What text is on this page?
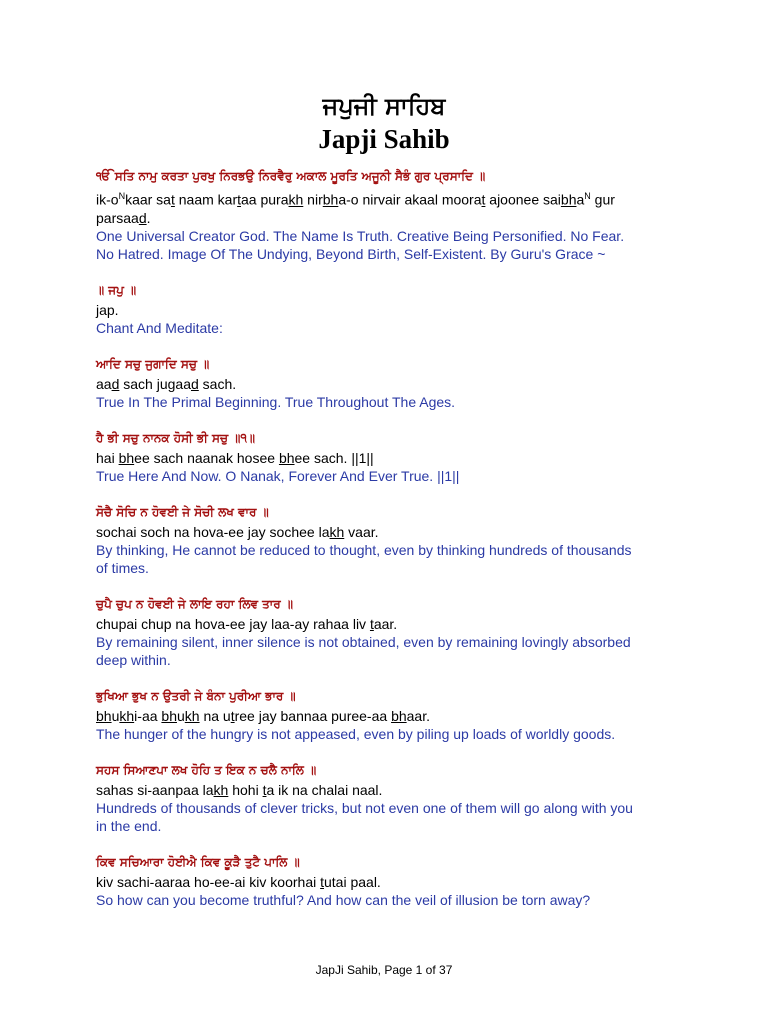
ਜਪੁਜੀ ਸਾਹਿਬ
Japji Sahib
ੴ ਸਤਿ ਨਾਮੁ ਕਰਤਾ ਪੁਰਖੁ ਨਿਰਭਉ ਨਿਰਵੈਰੁ ਅਕਾਲ ਮੂਰਤਿ ਅਜੂਨੀ ਸੈਭੰ ਗੁਰ ਪ੍ਰਸਾਦਿ ॥
$ik-o^Nkaar$ sat naam kartaa purakh nirbha-o nirvair akaal moorat ajoonee saibha$^N$ gur
parsaad.
One Universal Creator God. The Name Is Truth. Creative Being Personified. No Fear.
No Hatred. Image Of The Undying, Beyond Birth, Self-Existent. By Guru's Grace ~
॥ ਜਪੁ ॥
jap.
Chant And Meditate:
ਆਦਿ ਸਚੁ ਜੁਗਾਦਿ ਸਚੁ ॥
aad sach jugaad sach.
True In The Primal Beginning. True Throughout The Ages.
ਹੈ ਭੀ ਸਚੁ ਨਾਨਕ ਹੋਸੀ ਭੀ ਸਚੁ ॥੧॥
hai bhee sach naanak hosee bhee sach. ||1||
True Here And Now. O Nanak, Forever And Ever True. ||1||
ਸੋਚੈ ਸੋਚਿ ਨ ਹੋਵਈ ਜੇ ਸੋਚੀ ਲਖ ਵਾਰ ॥
sochai soch na hova-ee jay sochee lakh vaar.
By thinking, He cannot be reduced to thought, even by thinking hundreds of thousands
of times.
ਚੁਪੈ ਚੁਪ ਨ ਹੋਵਈ ਜੇ ਲਾਇ ਰਹਾ ਲਿਵ ਤਾਰ ॥
chupai chup na hova-ee jay laa-ay rahaa liv taar.
By remaining silent, inner silence is not obtained, even by remaining lovingly absorbed
deep within.
ਭੁਖਿਆ ਭੁਖ ਨ ਉਤਰੀ ਜੇ ਬੰਨਾ ਪੁਰੀਆ ਭਾਰ ॥
bhukhi-aa bhukh na utree jay bannaa puree-aa bhaar.
The hunger of the hungry is not appeased, even by piling up loads of worldly goods.
ਸਹਸ ਸਿਆਣਪਾ ਲਖ ਹੋਹਿ ਤ ਇਕ ਨ ਚਲੈ ਨਾਲਿ ॥
sahas si-aanpaa lakh hohi ta ik na chalai naal.
Hundreds of thousands of clever tricks, but not even one of them will go along with you
in the end.
ਕਿਵ ਸਚਿਆਰਾ ਹੋਈਐ ਕਿਵ ਕੂੜੈ ਤੁਟੈ ਪਾਲਿ ॥
kiv sachi-aaraa ho-ee-ai kiv koorhai tutai paal.
So how can you become truthful? And how can the veil of illusion be torn away?
JapJi Sahib, Page 1 of 37
